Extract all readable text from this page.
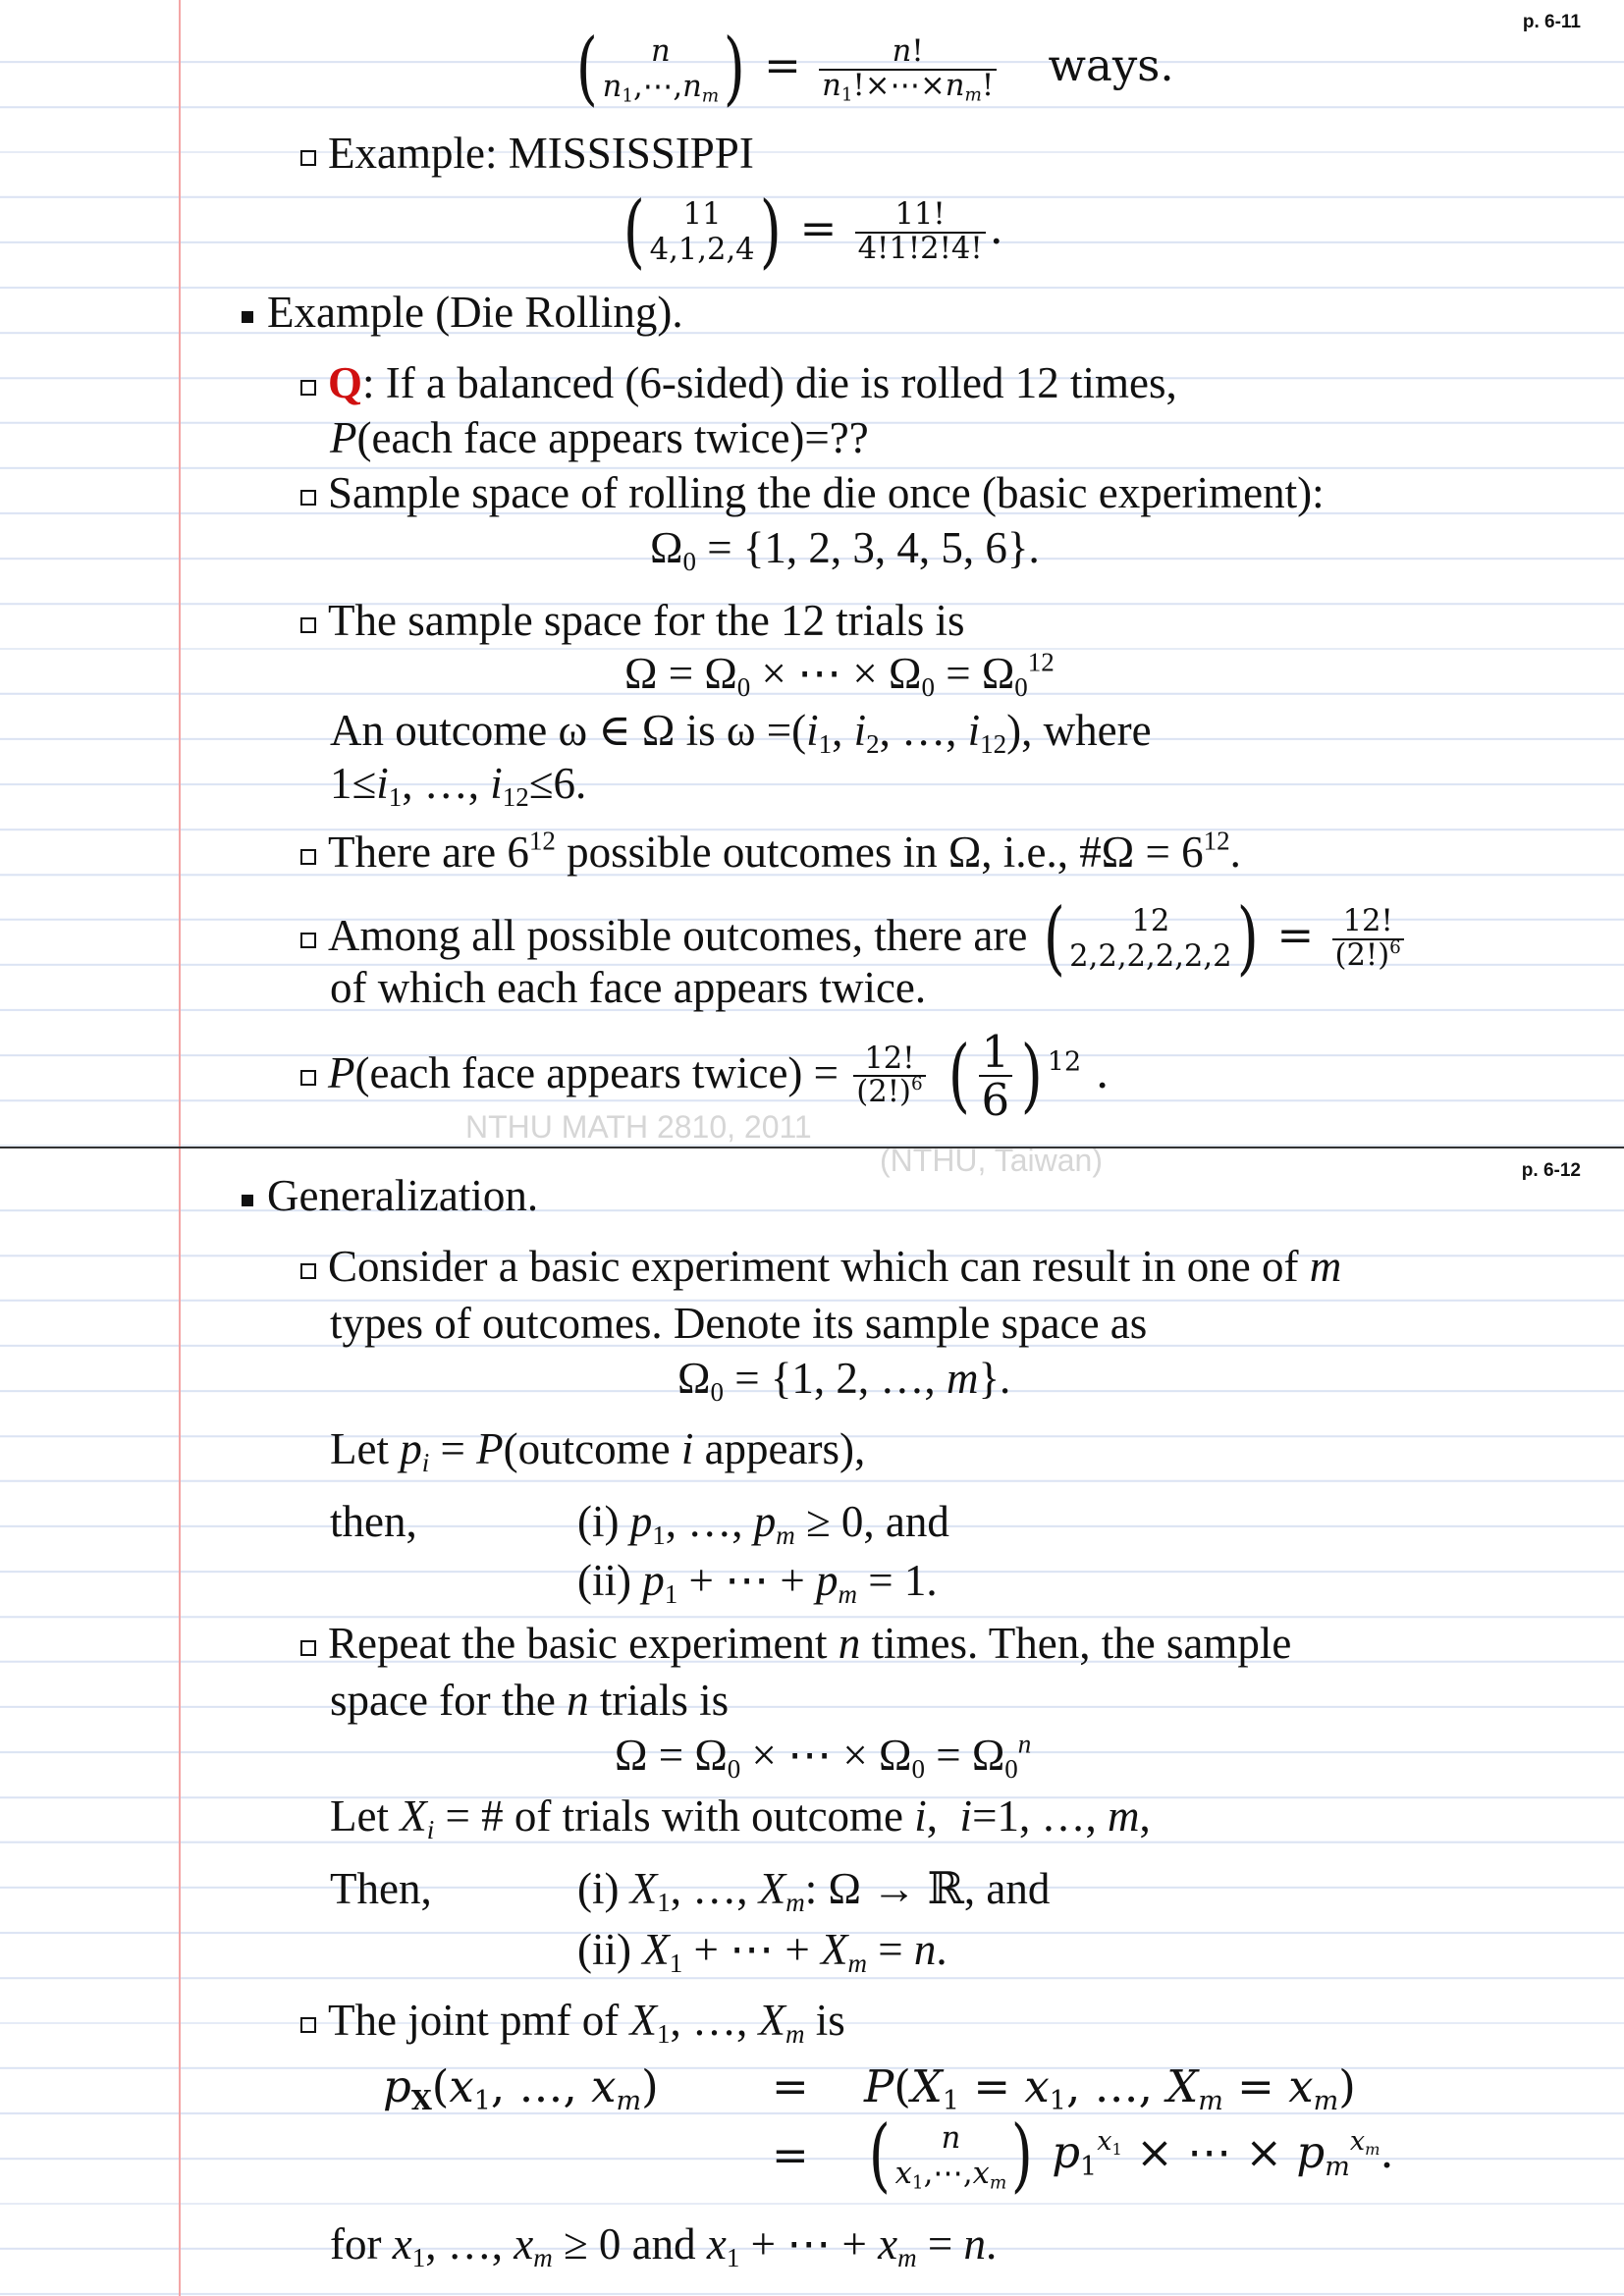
p. 6-11
( n
$n_1,\cdots,n_m$ ) = $\frac{n!}{n_1!\times\cdots\times n_m!}$ ways.
Example: MISSISSIPPI
( 11
4,1,2,4 ) = $\frac{11!}{4!1!2!4!}$ .
Example (Die Rolling).
Q: If a balanced (6-sided) die is rolled 12 times,
P(each face appears twice)=??
Sample space of rolling the die once (basic experiment):
$\Omega_0 = \{1$, 2, 3, 4, 5, 6}.
The sample space for the 12 trials is
$\Omega = \Omega_0$ × ⋯ × $\Omega_0 = \Omega_0^{12}$
An outcome ω ∈ Ω is $\omega =(i_1$, $i_2$, …, $i_{12}$), where
$1\le i_1$, …, $i_{12}\le 6$.
There are $6^{12}$ possible outcomes in Ω, i.e., #Ω = $6^{12}$.
Among all possible outcomes, there are ( 12
2,2,2,2,2,2 ) = $\frac{12!}{(2!)^6}$
of which each face appears twice.
P(each face appears twice) = $\frac{12!}{(2!)^6}$
( $\frac{1}{6}$ ) $^{12}$ .
NTHU MATH 2810, 2011
p. 6-12
(NTHU, Taiwan)
Generalization.
Consider a basic experiment which can result in one of m
types of outcomes. Denote its sample space as
$\Omega_0 = \{1$, 2, …, m}.
Let $p_i$ = P(outcome i appears),
then,	(i) $p_1$, …, $p_m \ge 0$, and
(ii) $p_1$ + ⋯ + $p_m = 1$.
Repeat the basic experiment n times. Then, the sample
space for the n trials is
$\Omega = \Omega_0$ × ⋯ × $\Omega_0 = \Omega_0^n$
Let $X_i$ = # of trials with outcome i,  i=1, …, m,
Then,	(i) $X_1$, …, $X_m$: Ω → ℝ, and
(ii) $X_1$ + ⋯ + $X_m = n$.
The joint pmf of $X_1$, …, $X_m$ is
$p_X(x_1$, …, $x_m$)	= $P(X_1 = x_1$, …, $X_m = x_m$)
= ( n
$x_1,\cdots,x_m$ ) $p_1^{x_1}$ × ⋯ × $p_m^{x_m}$.
for $x_1$, …, $x_m \ge 0$ and $x_1$ + ⋯ + $x_m = n$.
